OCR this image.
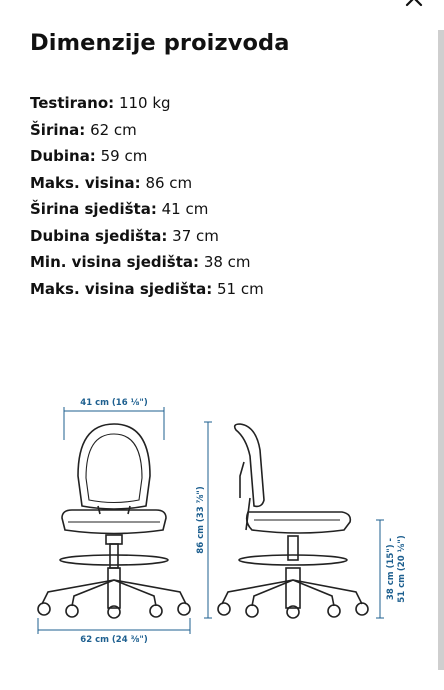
Dimenzije proizvoda
Testirano: 110 kg
Širina: 62 cm
Dubina: 59 cm
Maks. visina: 86 cm
Širina sjedišta: 41 cm
Dubina sjedišta: 37 cm
Min. visina sjedišta: 38 cm
Maks. visina sjedišta: 51 cm
41 cm (16 ⅛")
62 cm (24 ⅜")
86 cm (33 ⅞")
38 cm (15") - 51 cm (20 ⅛")
